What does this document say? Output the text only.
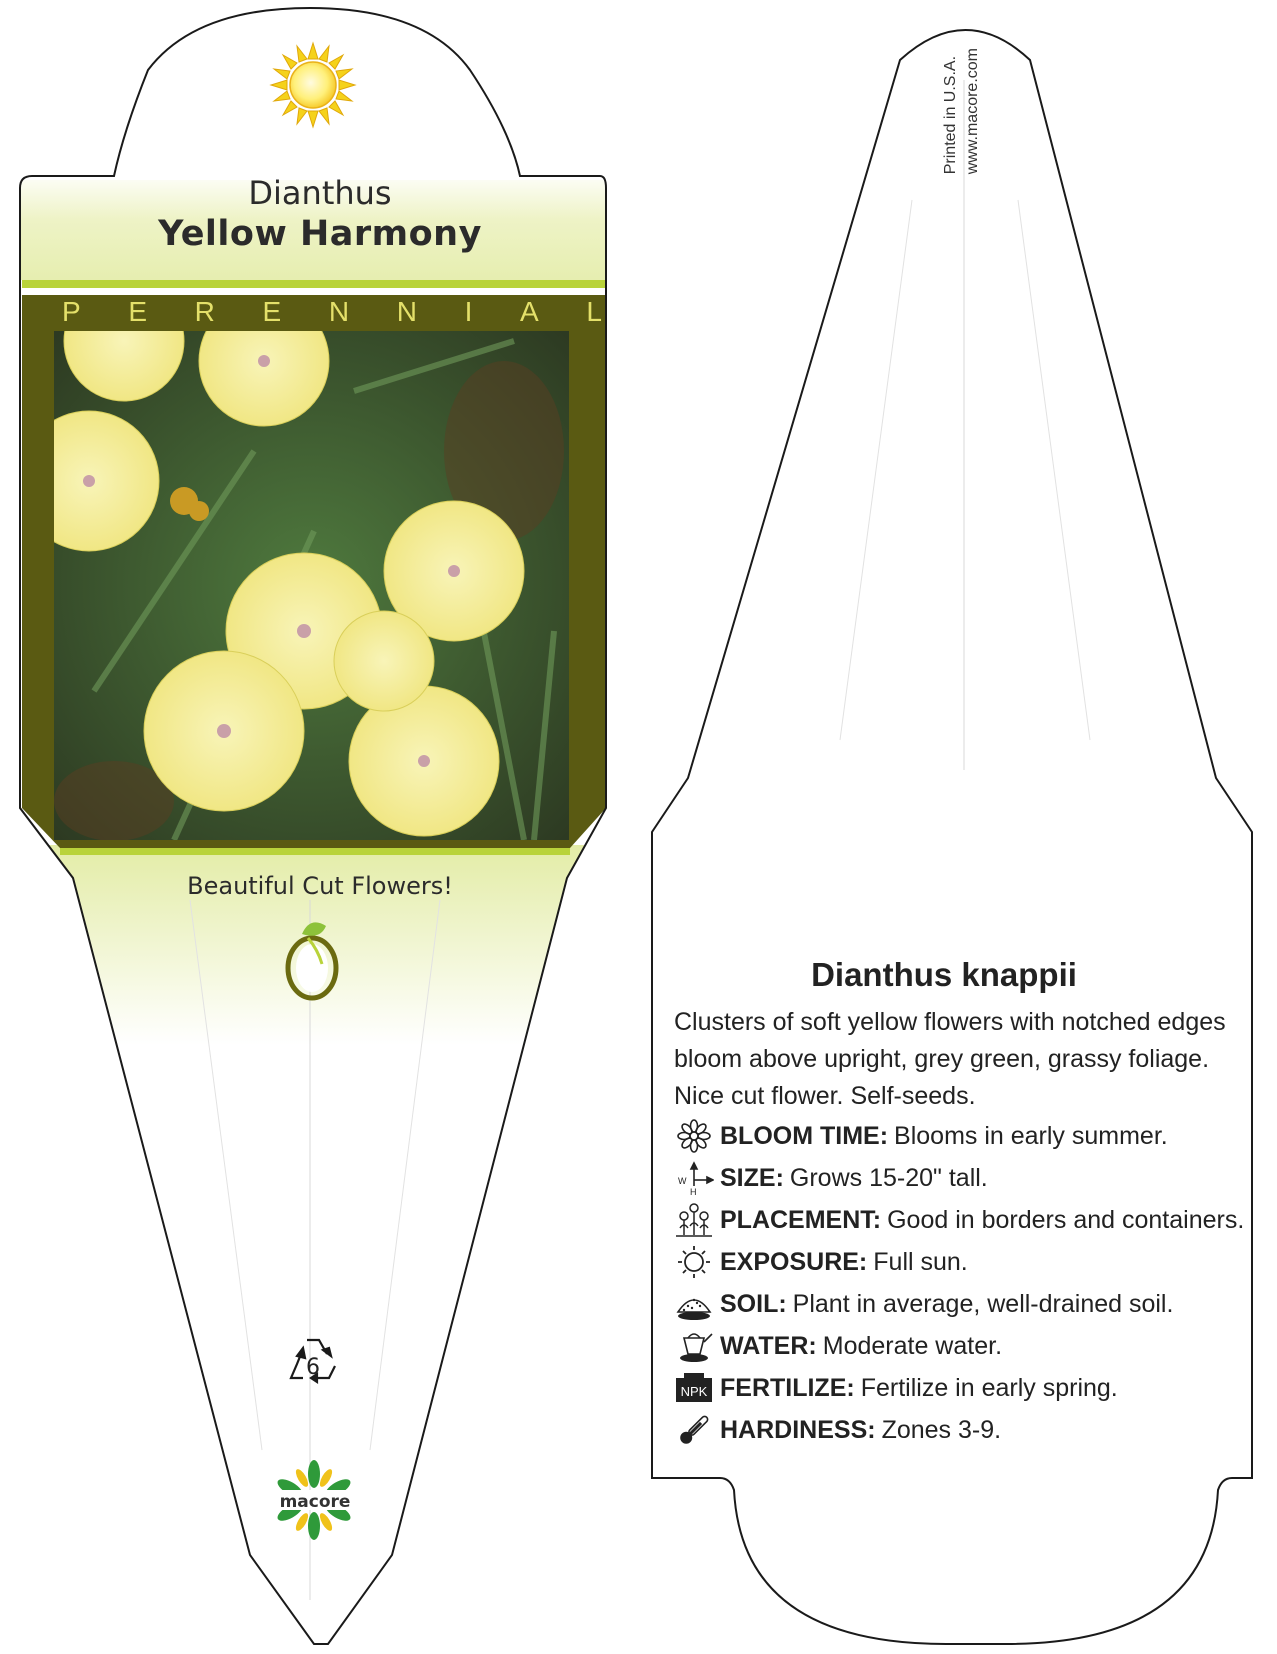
Dianthus
Yellow Harmony
P E R E N N I A L
Beautiful Cut Flowers!
6
macore
Printed in U.S.A. www.macore.com
Dianthus knappii
Clusters of soft yellow flowers with notched edges bloom above upright, grey green, grassy foliage. Nice cut flower. Self-seeds.
BLOOM TIME: Blooms in early summer.
W
H
SIZE: Grows 15-20" tall.
PLACEMENT: Good in borders and containers.
EXPOSURE: Full sun.
SOIL: Plant in average, well-drained soil.
WATER: Moderate water.
NPK FERTILIZE: Fertilize in early spring.
HARDINESS: Zones 3-9.
